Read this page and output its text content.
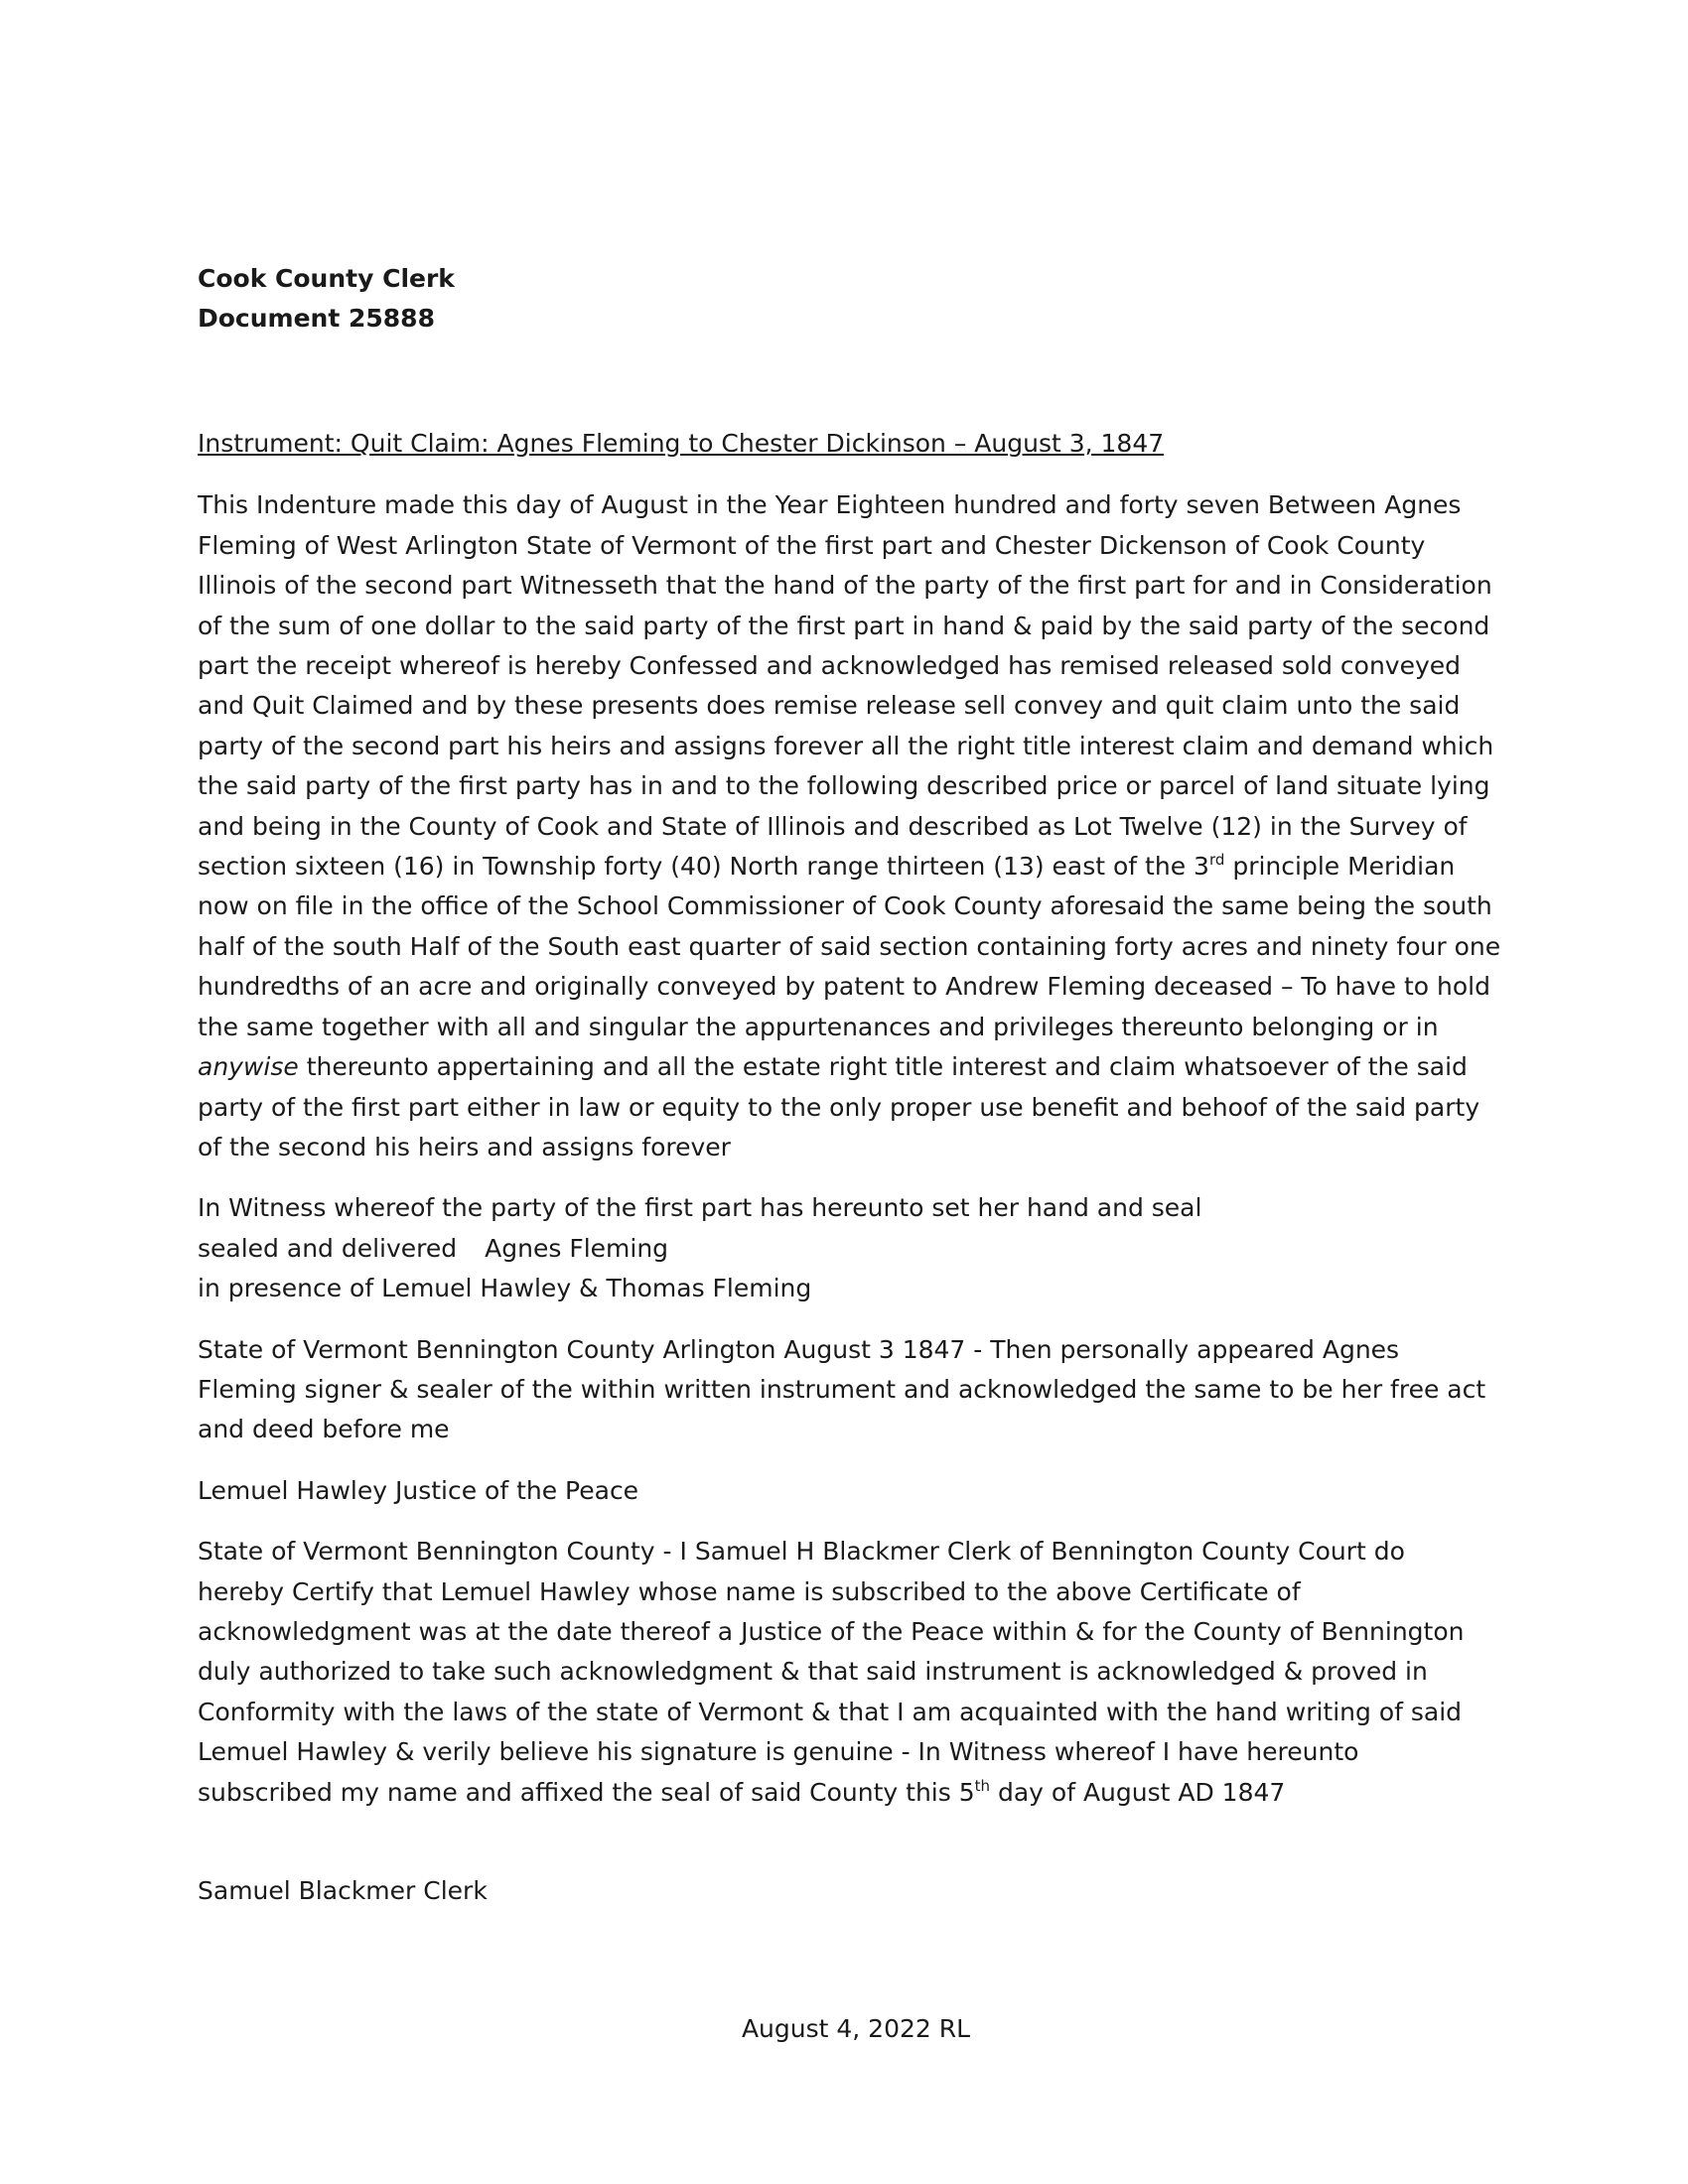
Cook County Clerk
Document 25888

Instrument: Quit Claim: Agnes Fleming to Chester Dickinson – August 3, 1847

This Indenture made this day of August in the Year Eighteen hundred and forty seven Between Agnes
Fleming of West Arlington State of Vermont of the first part and Chester Dickenson of Cook County
Illinois of the second part Witnesseth that the hand of the party of the first part for and in Consideration
of the sum of one dollar to the said party of the first part in hand & paid by the said party of the second
part the receipt whereof is hereby Confessed and acknowledged has remised released sold conveyed
and Quit Claimed and by these presents does remise release sell convey and quit claim unto the said
party of the second part his heirs and assigns forever all the right title interest claim and demand which
the said party of the first party has in and to the following described price or parcel of land situate lying
and being in the County of Cook and State of Illinois and described as Lot Twelve (12) in the Survey of
section sixteen (16) in Township forty (40) North range thirteen (13) east of the 3rd principle Meridian
now on file in the office of the School Commissioner of Cook County aforesaid the same being the south
half of the south Half of the South east quarter of said section containing forty acres and ninety four one
hundredths of an acre and originally conveyed by patent to Andrew Fleming deceased – To have to hold
the same together with all and singular the appurtenances and privileges thereunto belonging or in
anywise thereunto appertaining and all the estate right title interest and claim whatsoever of the said
party of the first part either in law or equity to the only proper use benefit and behoof of the said party
of the second his heirs and assigns forever

In Witness whereof the party of the first part has hereunto set her hand and seal
sealed and delivered Agnes Fleming
in presence of Lemuel Hawley & Thomas Fleming

State of Vermont Bennington County Arlington August 3 1847 - Then personally appeared Agnes
Fleming signer & sealer of the within written instrument and acknowledged the same to be her free act
and deed before me

Lemuel Hawley Justice of the Peace

State of Vermont Bennington County - I Samuel H Blackmer Clerk of Bennington County Court do
hereby Certify that Lemuel Hawley whose name is subscribed to the above Certificate of
acknowledgment was at the date thereof a Justice of the Peace within & for the County of Bennington
duly authorized to take such acknowledgment & that said instrument is acknowledged & proved in
Conformity with the laws of the state of Vermont & that I am acquainted with the hand writing of said
Lemuel Hawley & verily believe his signature is genuine - In Witness whereof I have hereunto
subscribed my name and affixed the seal of said County this 5th day of August AD 1847

Samuel Blackmer Clerk

August 4, 2022 RL
